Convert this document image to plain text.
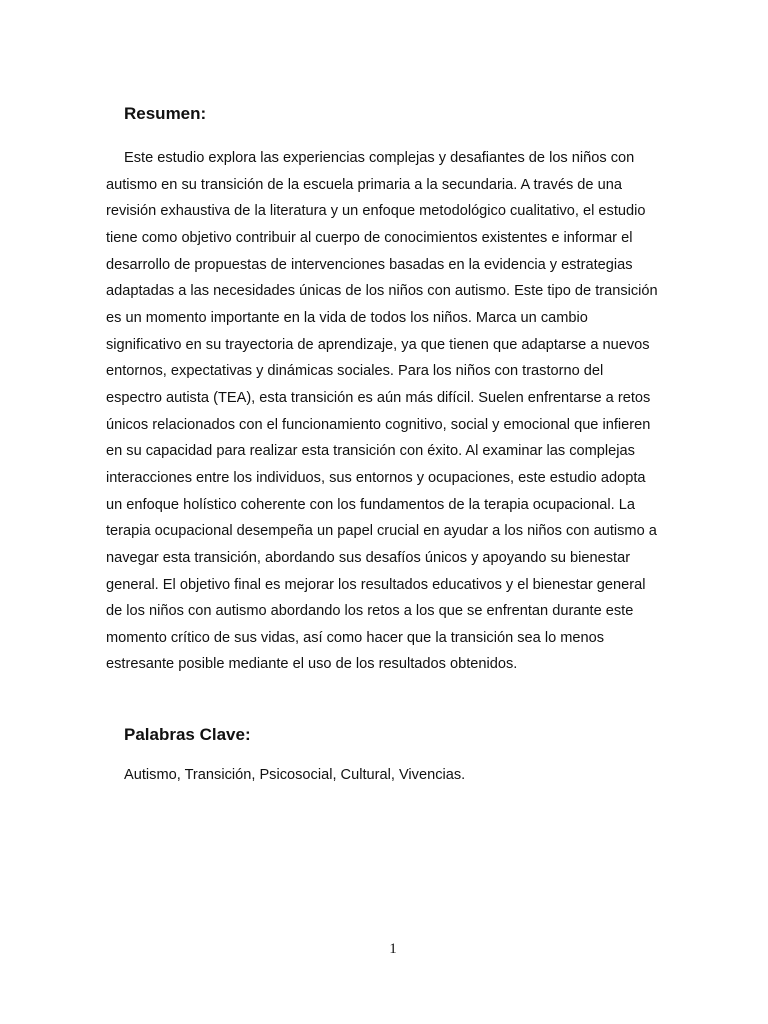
Resumen:

Este estudio explora las experiencias complejas y desafiantes de los niños con autismo en su transición de la escuela primaria a la secundaria. A través de una revisión exhaustiva de la literatura y un enfoque metodológico cualitativo, el estudio tiene como objetivo contribuir al cuerpo de conocimientos existentes e informar el desarrollo de propuestas de intervenciones basadas en la evidencia y estrategias adaptadas a las necesidades únicas de los niños con autismo. Este tipo de transición es un momento importante en la vida de todos los niños. Marca un cambio significativo en su trayectoria de aprendizaje, ya que tienen que adaptarse a nuevos entornos, expectativas y dinámicas sociales. Para los niños con trastorno del espectro autista (TEA), esta transición es aún más difícil. Suelen enfrentarse a retos únicos relacionados con el funcionamiento cognitivo, social y emocional que infieren en su capacidad para realizar esta transición con éxito. Al examinar las complejas interacciones entre los individuos, sus entornos y ocupaciones, este estudio adopta un enfoque holístico coherente con los fundamentos de la terapia ocupacional. La terapia ocupacional desempeña un papel crucial en ayudar a los niños con autismo a navegar esta transición, abordando sus desafíos únicos y apoyando su bienestar general. El objetivo final es mejorar los resultados educativos y el bienestar general de los niños con autismo abordando los retos a los que se enfrentan durante este momento crítico de sus vidas, así como hacer que la transición sea lo menos estresante posible mediante el uso de los resultados obtenidos.

Palabras Clave:

Autismo, Transición, Psicosocial, Cultural, Vivencias.

1
